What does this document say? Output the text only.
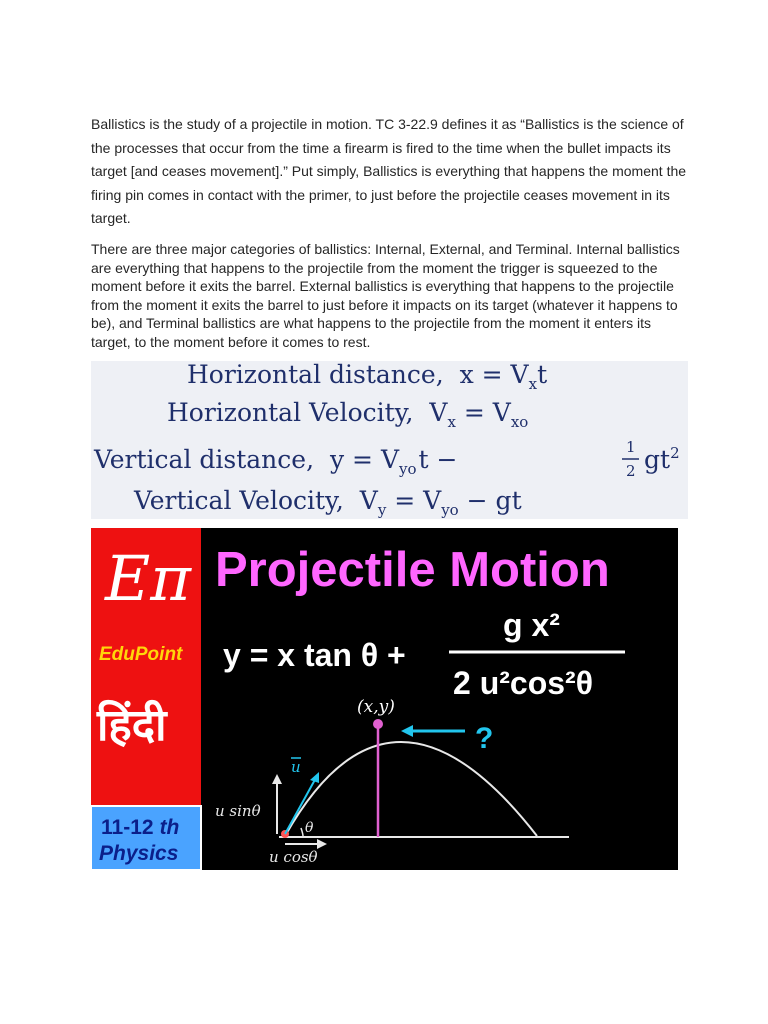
Ballistics is the study of a projectile in motion. TC 3-22.9 defines it as “Ballistics is the science of the processes that occur from the time a firearm is fired to the time when the bullet impacts its target [and ceases movement].” Put simply, Ballistics is everything that happens the moment the firing pin comes in contact with the primer, to just before the projectile ceases movement in its target.

There are three major categories of ballistics: Internal, External, and Terminal. Internal ballistics are everything that happens to the projectile from the moment the trigger is squeezed to the moment before it exits the barrel. External ballistics is everything that happens to the projectile from the moment it exits the barrel to just before it impacts on its target (whatever it happens to be), and Terminal ballistics are what happens to the projectile from the moment it enters its target, to the moment before it comes to rest.

Horizontal distance, $x = V_xt$
Horizontal Velocity, $V_x = V_{xo}$
Vertical distance, $y = V_{yo}t$ −	1
2 $gt^2$
Vertical Velocity, $V_y = V_{yo}$ − gt
Eπ
EduPoint
हिंदी
11-12 th
Physics
Projectile Motion
y = x tan θ +
g x²
2 u²cos²θ
(x,y)
?
u
u sinθ
u cosθ
θ
